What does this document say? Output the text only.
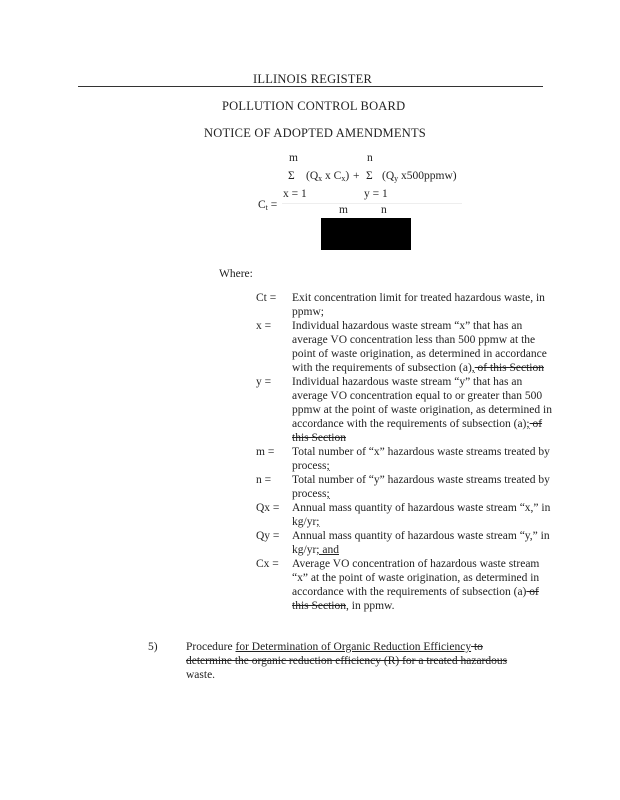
ILLINOIS REGISTER
POLLUTION CONTROL BOARD
NOTICE OF ADOPTED AMENDMENTS
m	n
Σ ($Q_x$ x $C_x) + \Sigma$ ($Q_y$ x500ppmw)
$C_t$ =
x = 1	y = 1
m	n
Where:
Ct =	Exit concentration limit for treated hazardous waste, in ppmw;
x =	Individual hazardous waste stream “x” that has an average VO concentration less than 500 ppmw at the point of waste origination, as determined in accordance with the requirements of subsection (a), of this Section
y =	Individual hazardous waste stream “y” that has an average VO concentration equal to or greater than 500 ppmw at the point of waste origination, as determined in accordance with the requirements of subsection (a); of this Section
m =	Total number of “x” hazardous waste streams treated by process;
n =	Total number of “y” hazardous waste streams treated by process;
Qx =	Annual mass quantity of hazardous waste stream “x,” in kg/yr;
Qy =	Annual mass quantity of hazardous waste stream “y,” in kg/yr; and
Cx =	Average VO concentration of hazardous waste stream “x” at the point of waste origination, as determined in accordance with the requirements of subsection (a) of this Section, in ppmw.
5) Procedure for Determination of Organic Reduction Efficiency to determine the organic reduction efficiency (R) for a treated hazardous waste.
